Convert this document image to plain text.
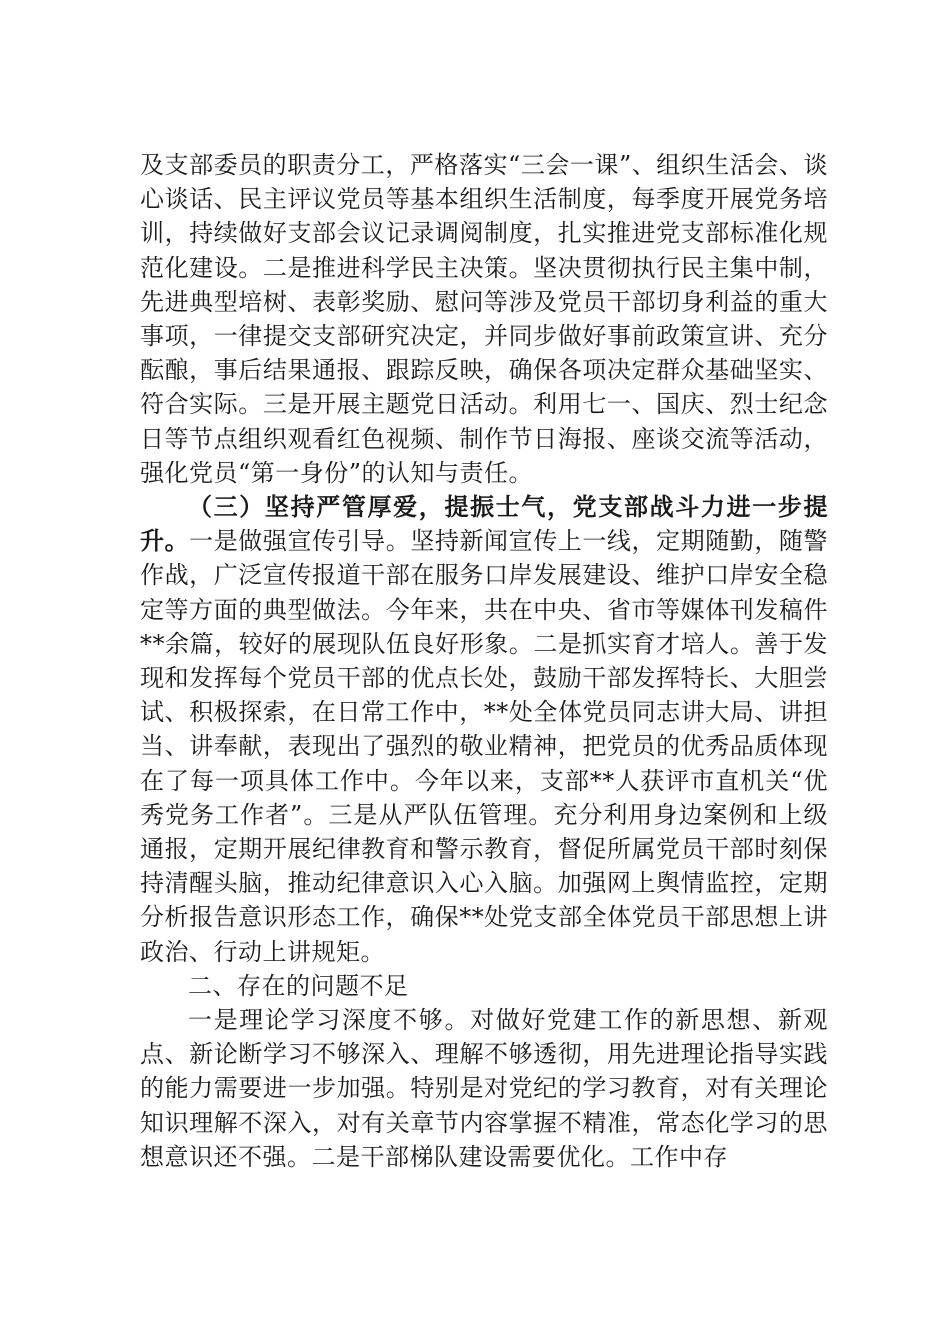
及支部委员的职责分工，严格落实“三会一课”、组织生活会、谈心谈话、民主评议党员等基本组织生活制度，每季度开展党务培训，持续做好支部会议记录调阅制度，扎实推进党支部标准化规范化建设。二是推进科学民主决策。坚决贯彻执行民主集中制，先进典型培树、表彰奖励、慰问等涉及党员干部切身利益的重大事项，一律提交支部研究决定，并同步做好事前政策宣讲、充分酝酿，事后结果通报、跟踪反映，确保各项决定群众基础坚实、符合实际。三是开展主题党日活动。利用七一、国庆、烈士纪念日等节点组织观看红色视频、制作节日海报、座谈交流等活动，强化党员“第一身份”的认知与责任。

（三）坚持严管厚爱，提振士气，党支部战斗力进一步提升。一是做强宣传引导。坚持新闻宣传上一线，定期随勤，随警作战，广泛宣传报道干部在服务口岸发展建设、维护口岸安全稳定等方面的典型做法。今年来，共在中央、省市等媒体刊发稿件**余篇，较好的展现队伍良好形象。二是抓实育才培人。善于发现和发挥每个党员干部的优点长处，鼓励干部发挥特长、大胆尝试、积极探索，在日常工作中，**处全体党员同志讲大局、讲担当、讲奉献，表现出了强烈的敬业精神，把党员的优秀品质体现在了每一项具体工作中。今年以来，支部**人获评市直机关“优秀党务工作者”。三是从严队伍管理。充分利用身边案例和上级通报，定期开展纪律教育和警示教育，督促所属党员干部时刻保持清醒头脑，推动纪律意识入心入脑。加强网上舆情监控，定期分析报告意识形态工作，确保**处党支部全体党员干部思想上讲政治、行动上讲规矩。

二、存在的问题不足

一是理论学习深度不够。对做好党建工作的新思想、新观点、新论断学习不够深入、理解不够透彻，用先进理论指导实践的能力需要进一步加强。特别是对党纪的学习教育，对有关理论知识理解不深入，对有关章节内容掌握不精准，常态化学习的思想意识还不强。二是干部梯队建设需要优化。工作中存
